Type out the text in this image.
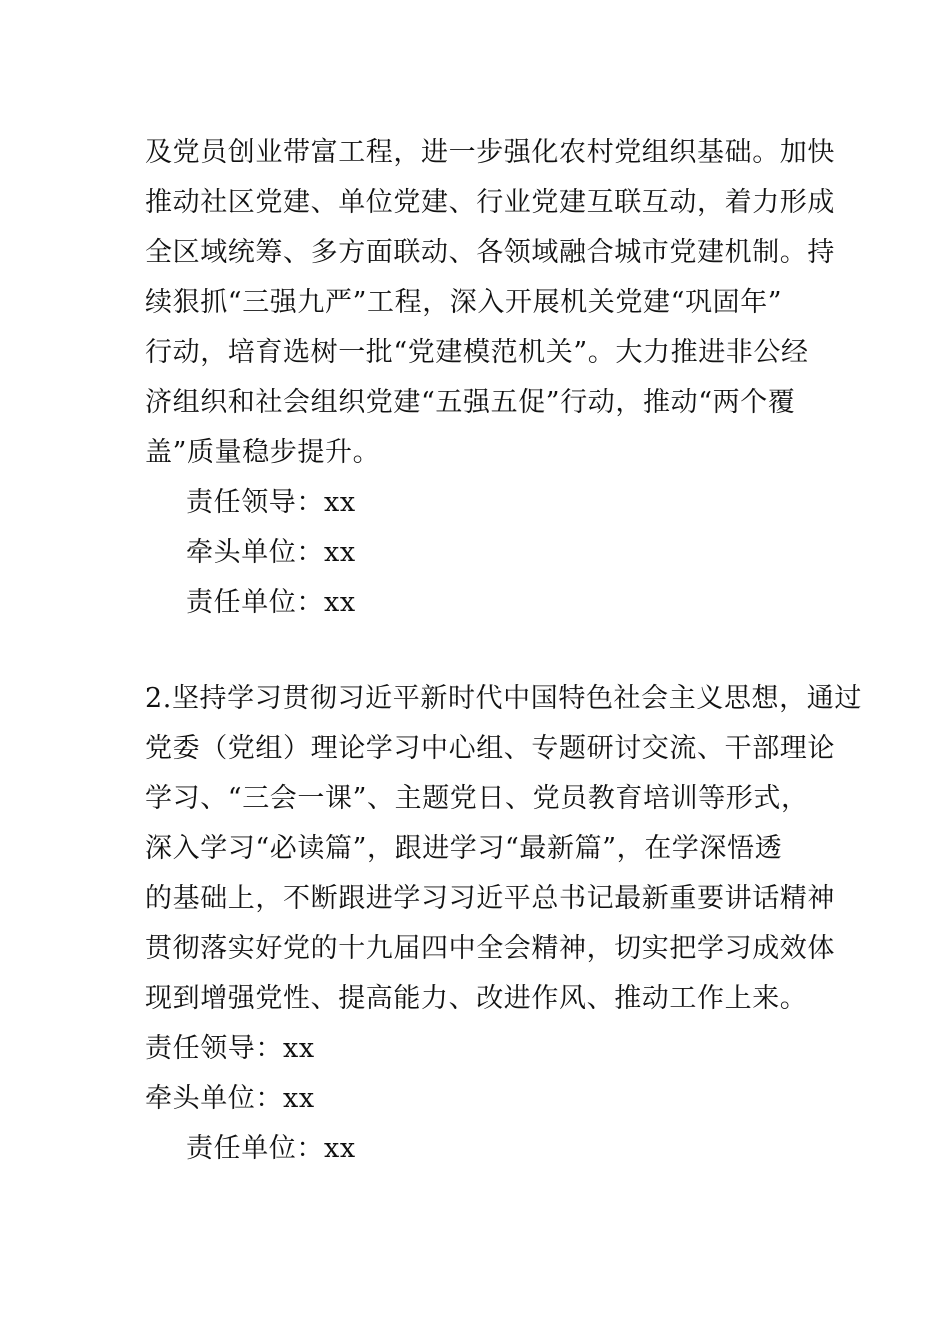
及党员创业带富工程，进一步强化农村党组织基础。加快
推动社区党建、单位党建、行业党建互联互动，着力形成
全区域统筹、多方面联动、各领域融合城市党建机制。持
续狠抓“三强九严”工程，深入开展机关党建“巩固年”
行动，培育选树一批“党建模范机关”。大力推进非公经
济组织和社会组织党建“五强五促”行动，推动“两个覆
盖”质量稳步提升。
责任领导：xx
牵头单位：xx
责任单位：xx
2.坚持学习贯彻习近平新时代中国特色社会主义思想，通过
党委（党组）理论学习中心组、专题研讨交流、干部理论
学习、“三会一课”、主题党日、党员教育培训等形式，
深入学习“必读篇”，跟进学习“最新篇”，在学深悟透
的基础上，不断跟进学习习近平总书记最新重要讲话精神
贯彻落实好党的十九届四中全会精神，切实把学习成效体
现到增强党性、提高能力、改进作风、推动工作上来。
责任领导：xx
牵头单位：xx
责任单位：xx
